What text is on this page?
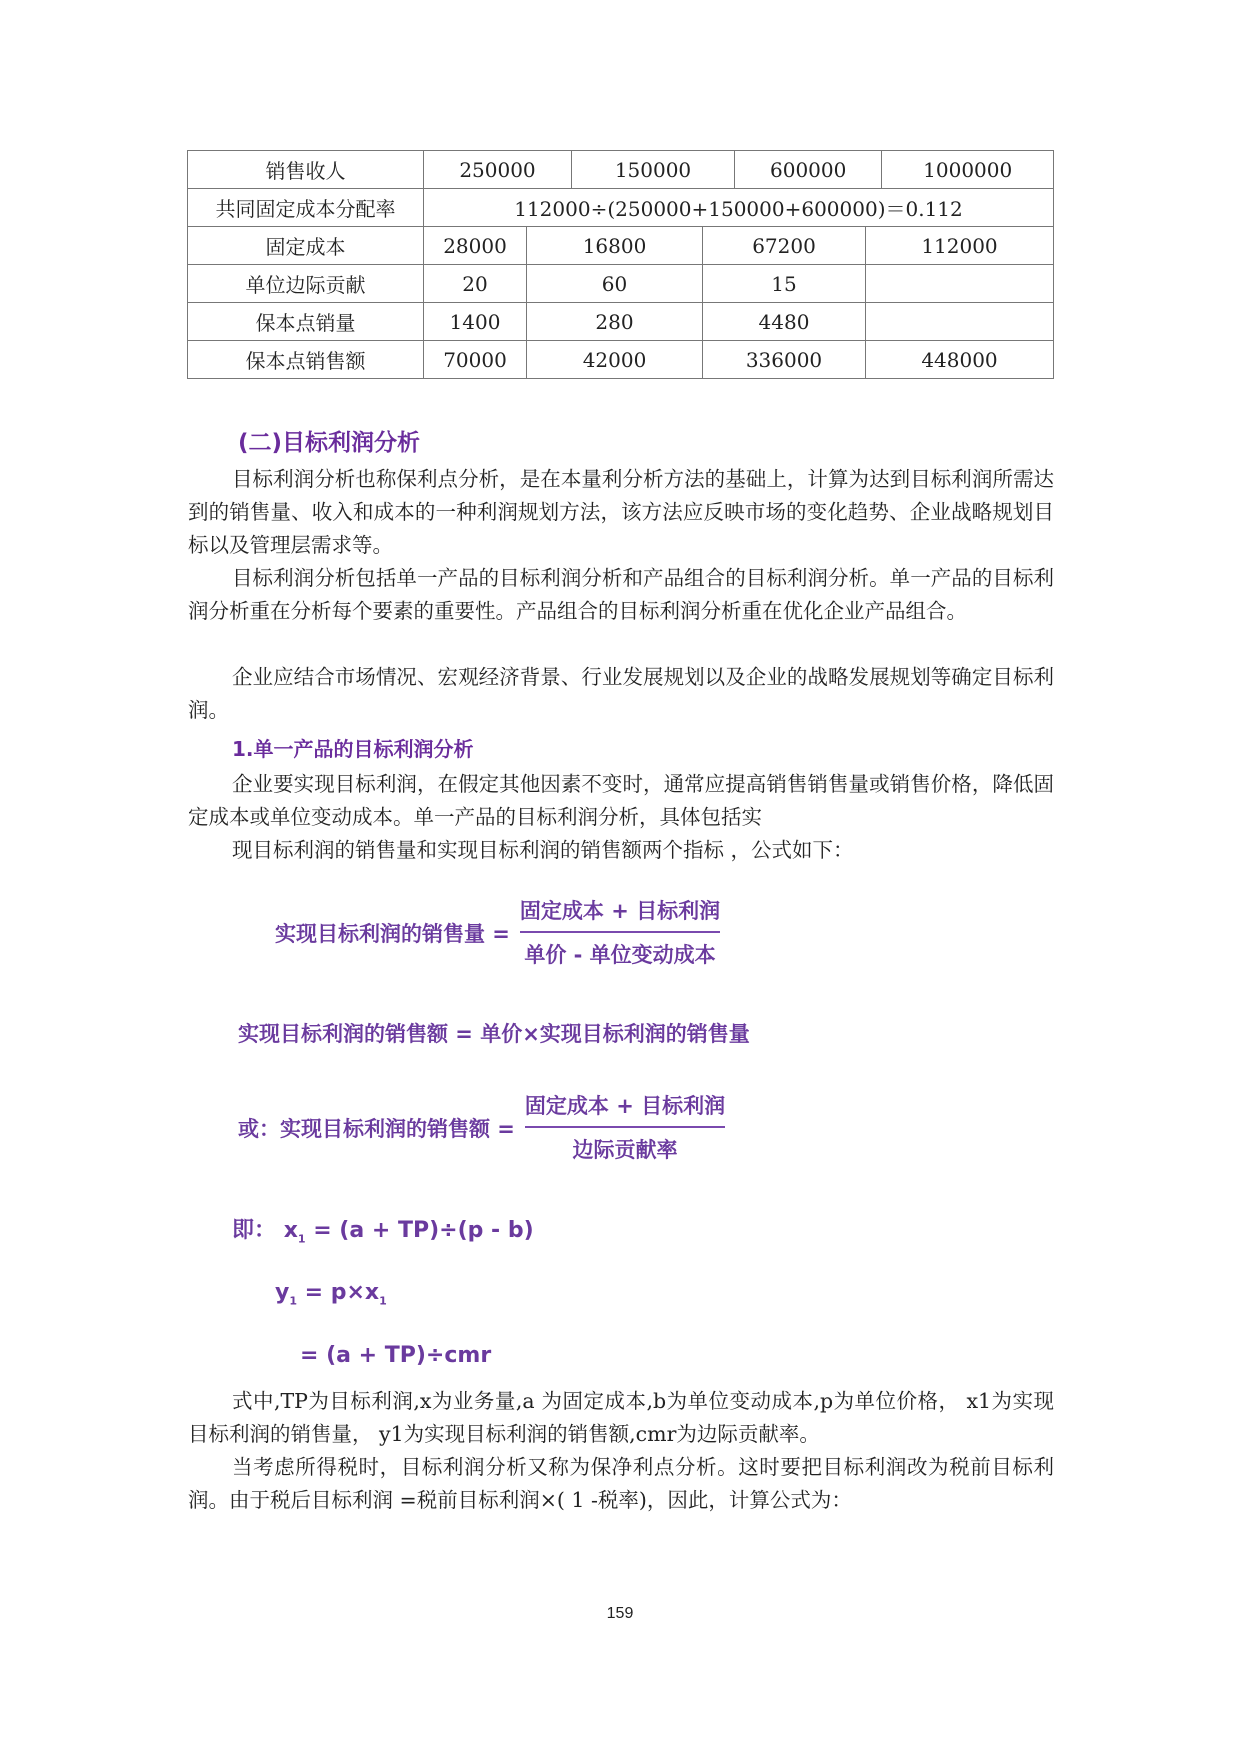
销售收人	250000	150000	600000	1000000
共同固定成本分配率	112000÷(250000+150000+600000)＝0.112			
固定成本	28000	16800	67200	112000
单位边际贡献	20	60	15	
保本点销量	1400	280	4480	
保本点销售额	70000	42000	336000	448000
(二)目标利润分析
目标利润分析也称保利点分析，是在本量利分析方法的基础上，计算为达到目标利润所需达到的销售量、收入和成本的一种利润规划方法，该方法应反映市场的变化趋势、企业战略规划目标以及管理层需求等。
目标利润分析包括单一产品的目标利润分析和产品组合的目标利润分析。单一产品的目标利润分析重在分析每个要素的重要性。产品组合的目标利润分析重在优化企业产品组合。
企业应结合市场情况、宏观经济背景、行业发展规划以及企业的战略发展规划等确定目标利润。
1.单一产品的目标利润分析
企业要实现目标利润，在假定其他因素不变时，通常应提高销售销售量或销售价格，降低固定成本或单位变动成本。单一产品的目标利润分析，具体包括实
现目标利润的销售量和实现目标利润的销售额两个指标 ，公式如下：
实现目标利润的销售量 =
固定成本 + 目标利润
单价 - 单位变动成本
实现目标利润的销售额 = 单价×实现目标利润的销售量
或：实现目标利润的销售额 =
固定成本 + 目标利润
边际贡献率
即： $x_1 = (a + TP)\div(p - b)$
$y_1 = p\times x_1$
= (a + TP)÷cmr
式中,TP为目标利润,x为业务量,a 为固定成本,b为单位变动成本,p为单位价格， x1为实现目标利润的销售量， y1为实现目标利润的销售额,cmr为边际贡献率。
当考虑所得税时，目标利润分析又称为保净利点分析。这时要把目标利润改为税前目标利润。由于税后目标利润 =税前目标利润×( 1 -税率)，因此，计算公式为：
159
